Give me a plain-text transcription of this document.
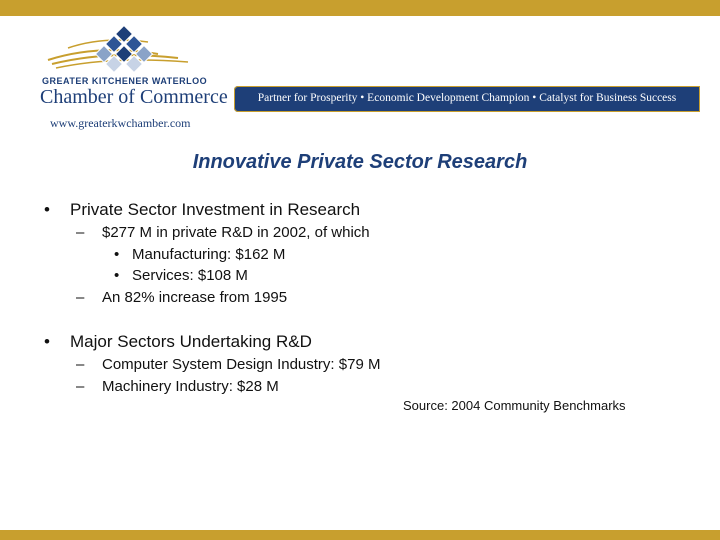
GREATER KITCHENER WATERLOO
Chamber of Commerce
www.greaterkwchamber.com
Partner for Prosperity • Economic Development Champion • Catalyst for Business Success
Innovative Private Sector Research
• Private Sector Investment in Research
– $277 M in private R&D in 2002, of which
• Manufacturing: $162 M
• Services: $108 M
– An 82% increase from 1995
• Major Sectors Undertaking R&D
– Computer System Design Industry: $79 M
– Machinery Industry: $28 M
Source: 2004 Community Benchmarks
